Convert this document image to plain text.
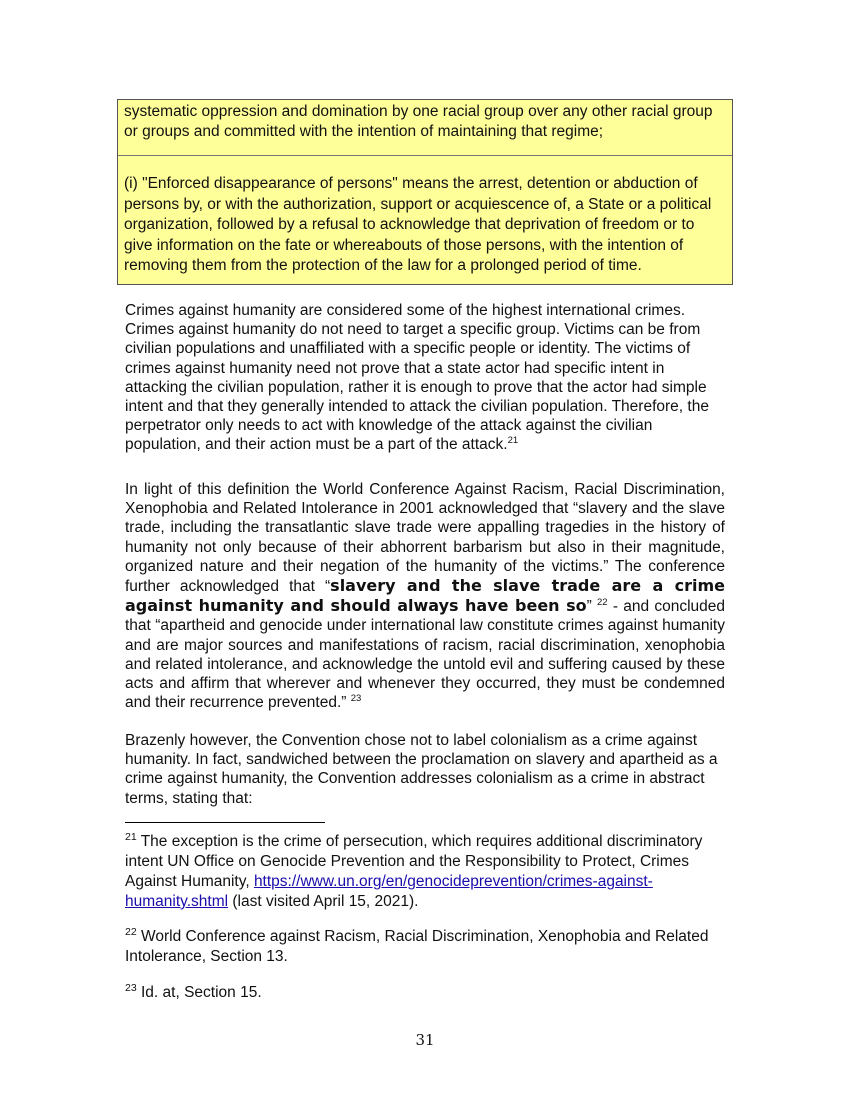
systematic oppression and domination by one racial group over any other racial group or groups and committed with the intention of maintaining that regime;
(i) "Enforced disappearance of persons" means the arrest, detention or abduction of persons by, or with the authorization, support or acquiescence of, a State or a political organization, followed by a refusal to acknowledge that deprivation of freedom or to give information on the fate or whereabouts of those persons, with the intention of removing them from the protection of the law for a prolonged period of time.
Crimes against humanity are considered some of the highest international crimes. Crimes against humanity do not need to target a specific group. Victims can be from civilian populations and unaffiliated with a specific people or identity. The victims of crimes against humanity need not prove that a state actor had specific intent in attacking the civilian population, rather it is enough to prove that the actor had simple intent and that they generally intended to attack the civilian population. Therefore, the perpetrator only needs to act with knowledge of the attack against the civilian population, and their action must be a part of the attack.$^{21}$
In light of this definition the World Conference Against Racism, Racial Discrimination, Xenophobia and Related Intolerance in 2001 acknowledged that “slavery and the slave trade, including the transatlantic slave trade were appalling tragedies in the history of humanity not only because of their abhorrent barbarism but also in their magnitude, organized nature and their negation of the humanity of the victims.” The conference further acknowledged that “slavery and the slave trade are a crime against humanity and should always have been so” $^{22}$ - and concluded that “apartheid and genocide under international law constitute crimes against humanity and are major sources and manifestations of racism, racial discrimination, xenophobia and related intolerance, and acknowledge the untold evil and suffering caused by these acts and affirm that wherever and whenever they occurred, they must be condemned and their recurrence prevented.” $^{23}$
Brazenly however, the Convention chose not to label colonialism as a crime against humanity. In fact, sandwiched between the proclamation on slavery and apartheid as a crime against humanity, the Convention addresses colonialism as a crime in abstract terms, stating that:
$^{21}$ The exception is the crime of persecution, which requires additional discriminatory intent UN Office on Genocide Prevention and the Responsibility to Protect, Crimes Against Humanity, https://www.un.org/en/genocideprevention/crimes-against-humanity.shtml (last visited April 15, 2021).
$^{22}$ World Conference against Racism, Racial Discrimination, Xenophobia and Related Intolerance, Section 13.
$^{23}$ Id. at, Section 15.
31
